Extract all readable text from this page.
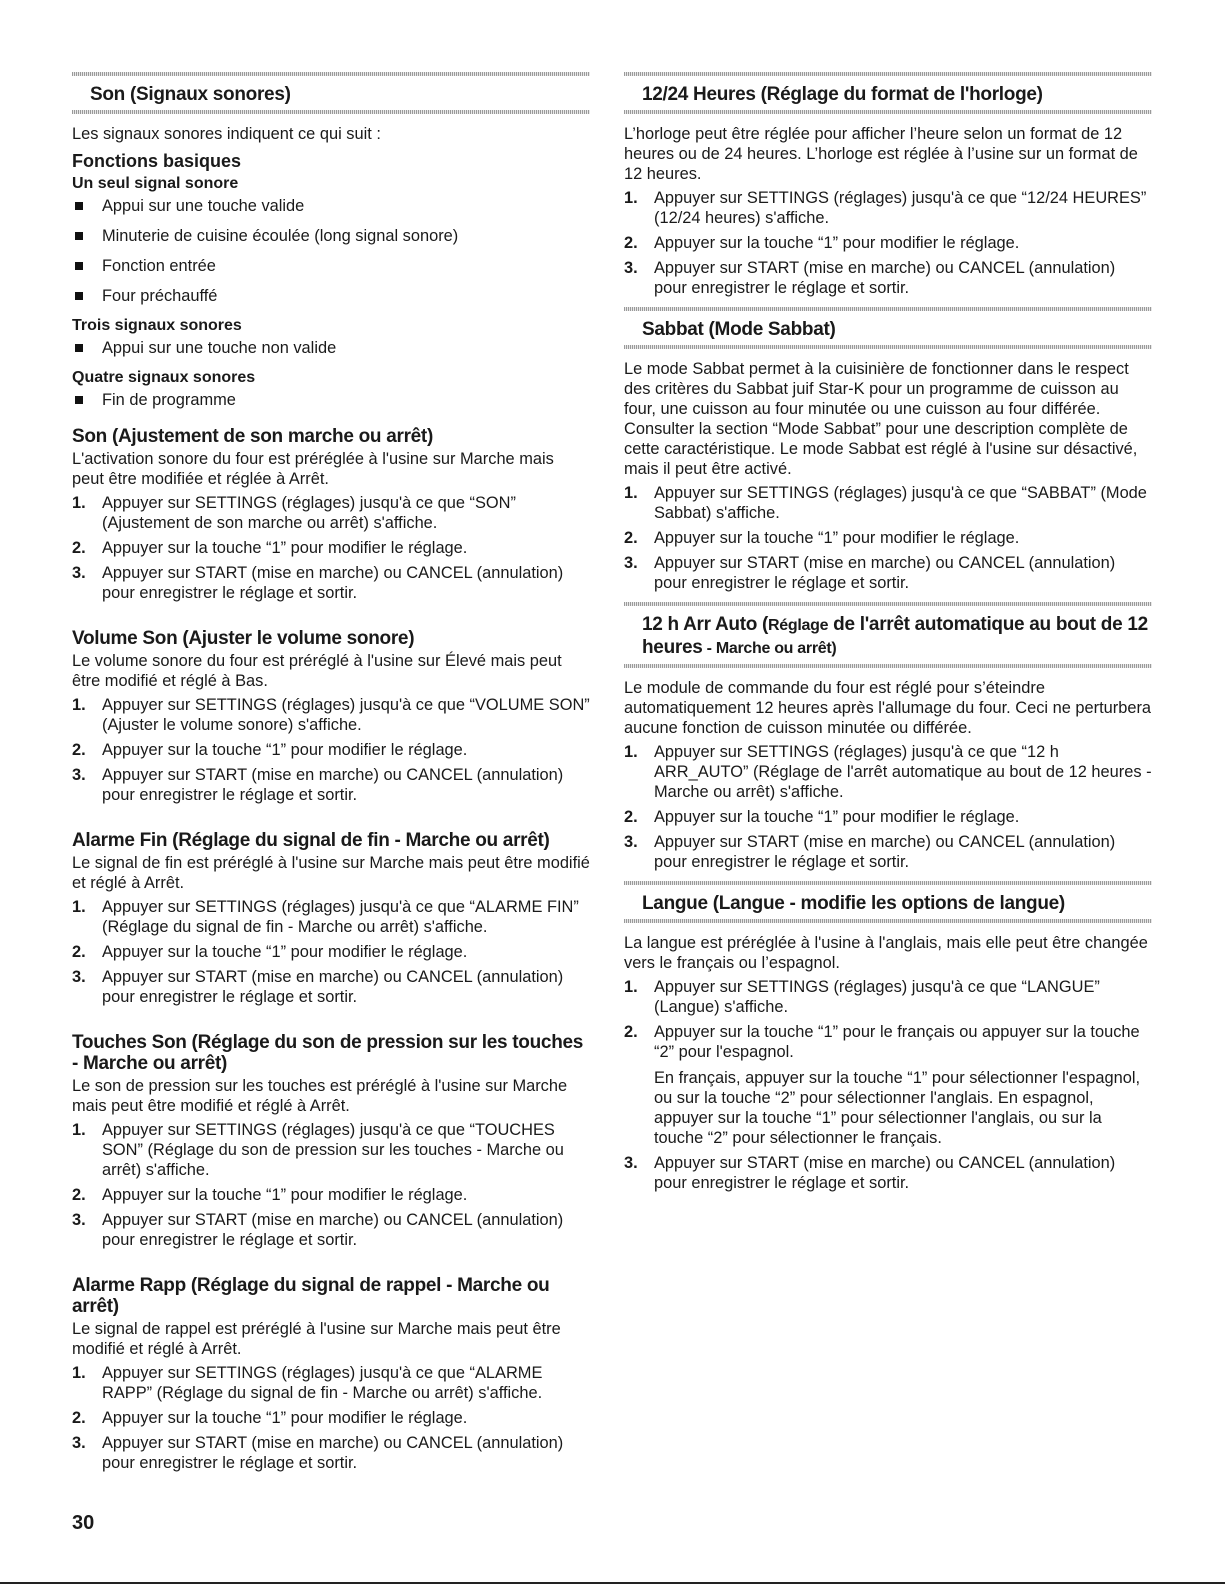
Son (Signaux sonores)

Les signaux sonores indiquent ce qui suit :

Fonctions basiques
Un seul signal sonore
Appui sur une touche valide
Minuterie de cuisine écoulée (long signal sonore)
Fonction entrée
Four préchauffé
Trois signaux sonores
Appui sur une touche non valide
Quatre signaux sonores
Fin de programme
Son (Ajustement de son marche ou arrêt)

L'activation sonore du four est préréglée à l'usine sur Marche mais peut être modifiée et réglée à Arrêt.

1. Appuyer sur SETTINGS (réglages) jusqu'à ce que “SON” (Ajustement de son marche ou arrêt) s'affiche.
2. Appuyer sur la touche “1” pour modifier le réglage.
3. Appuyer sur START (mise en marche) ou CANCEL (annulation) pour enregistrer le réglage et sortir.
Volume Son (Ajuster le volume sonore)

Le volume sonore du four est préréglé à l'usine sur Élevé mais peut être modifié et réglé à Bas.

1. Appuyer sur SETTINGS (réglages) jusqu'à ce que “VOLUME SON” (Ajuster le volume sonore) s'affiche.
2. Appuyer sur la touche “1” pour modifier le réglage.
3. Appuyer sur START (mise en marche) ou CANCEL (annulation) pour enregistrer le réglage et sortir.
Alarme Fin (Réglage du signal de fin - Marche ou arrêt)

Le signal de fin est préréglé à l'usine sur Marche mais peut être modifié et réglé à Arrêt.

1. Appuyer sur SETTINGS (réglages) jusqu'à ce que “ALARME FIN” (Réglage du signal de fin - Marche ou arrêt) s'affiche.
2. Appuyer sur la touche “1” pour modifier le réglage.
3. Appuyer sur START (mise en marche) ou CANCEL (annulation) pour enregistrer le réglage et sortir.
Touches Son (Réglage du son de pression sur les touches - Marche ou arrêt)

Le son de pression sur les touches est préréglé à l'usine sur Marche mais peut être modifié et réglé à Arrêt.

1. Appuyer sur SETTINGS (réglages) jusqu'à ce que “TOUCHES SON” (Réglage du son de pression sur les touches - Marche ou arrêt) s'affiche.
2. Appuyer sur la touche “1” pour modifier le réglage.
3. Appuyer sur START (mise en marche) ou CANCEL (annulation) pour enregistrer le réglage et sortir.
Alarme Rapp (Réglage du signal de rappel - Marche ou arrêt)

Le signal de rappel est préréglé à l'usine sur Marche mais peut être modifié et réglé à Arrêt.

1. Appuyer sur SETTINGS (réglages) jusqu'à ce que “ALARME RAPP” (Réglage du signal de fin - Marche ou arrêt) s'affiche.
2. Appuyer sur la touche “1” pour modifier le réglage.
3. Appuyer sur START (mise en marche) ou CANCEL (annulation) pour enregistrer le réglage et sortir.
12/24 Heures (Réglage du format de l'horloge)

L’horloge peut être réglée pour afficher l’heure selon un format de 12 heures ou de 24 heures. L’horloge est réglée à l’usine sur un format de 12 heures.

1. Appuyer sur SETTINGS (réglages) jusqu'à ce que “12/24 HEURES” (12/24 heures) s'affiche.
2. Appuyer sur la touche “1” pour modifier le réglage.
3. Appuyer sur START (mise en marche) ou CANCEL (annulation) pour enregistrer le réglage et sortir.
Sabbat (Mode Sabbat)

Le mode Sabbat permet à la cuisinière de fonctionner dans le respect des critères du Sabbat juif Star-K pour un programme de cuisson au four, une cuisson au four minutée ou une cuisson au four différée. Consulter la section “Mode Sabbat” pour une description complète de cette caractéristique. Le mode Sabbat est réglé à l'usine sur désactivé, mais il peut être activé.

1. Appuyer sur SETTINGS (réglages) jusqu'à ce que “SABBAT” (Mode Sabbat) s'affiche.
2. Appuyer sur la touche “1” pour modifier le réglage.
3. Appuyer sur START (mise en marche) ou CANCEL (annulation) pour enregistrer le réglage et sortir.
12 h Arr Auto (Réglage de l'arrêt automatique au bout de 12 heures - Marche ou arrêt)

Le module de commande du four est réglé pour s’éteindre automatiquement 12 heures après l'allumage du four. Ceci ne perturbera aucune fonction de cuisson minutée ou différée.

1. Appuyer sur SETTINGS (réglages) jusqu'à ce que “12 h ARR_AUTO” (Réglage de l'arrêt automatique au bout de 12 heures - Marche ou arrêt) s'affiche.
2. Appuyer sur la touche “1” pour modifier le réglage.
3. Appuyer sur START (mise en marche) ou CANCEL (annulation) pour enregistrer le réglage et sortir.
Langue (Langue - modifie les options de langue)

La langue est préréglée à l'usine à l'anglais, mais elle peut être changée vers le français ou l’espagnol.

1. Appuyer sur SETTINGS (réglages) jusqu'à ce que “LANGUE” (Langue) s'affiche.
2. Appuyer sur la touche “1” pour le français ou appuyer sur la touche “2” pour l'espagnol.
En français, appuyer sur la touche “1” pour sélectionner l'espagnol, ou sur la touche “2” pour sélectionner l'anglais. En espagnol, appuyer sur la touche “1” pour sélectionner l'anglais, ou sur la touche “2” pour sélectionner le français.
3. Appuyer sur START (mise en marche) ou CANCEL (annulation) pour enregistrer le réglage et sortir.
30
